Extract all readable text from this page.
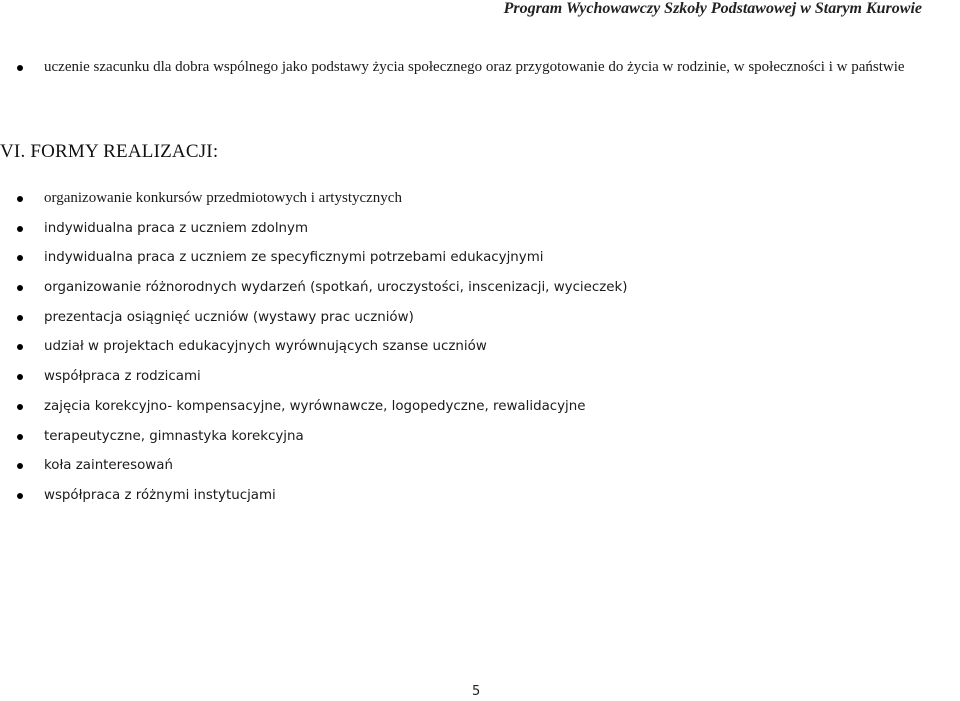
Program Wychowawczy Szkoły Podstawowej w Starym Kurowie
uczenie szacunku dla dobra wspólnego jako podstawy życia społecznego oraz przygotowanie do życia w rodzinie, w społeczności i w państwie
VI. FORMY REALIZACJI:
organizowanie konkursów przedmiotowych i artystycznych
indywidualna praca z uczniem zdolnym
indywidualna praca z uczniem ze specyficznymi potrzebami edukacyjnymi
organizowanie różnorodnych wydarzeń (spotkań, uroczystości, inscenizacji, wycieczek)
prezentacja osiągnięć uczniów (wystawy prac uczniów)
udział w projektach edukacyjnych wyrównujących szanse uczniów
współpraca z rodzicami
zajęcia korekcyjno- kompensacyjne, wyrównawcze, logopedyczne, rewalidacyjne
terapeutyczne, gimnastyka korekcyjna
koła zainteresowań
współpraca z różnymi instytucjami
5
